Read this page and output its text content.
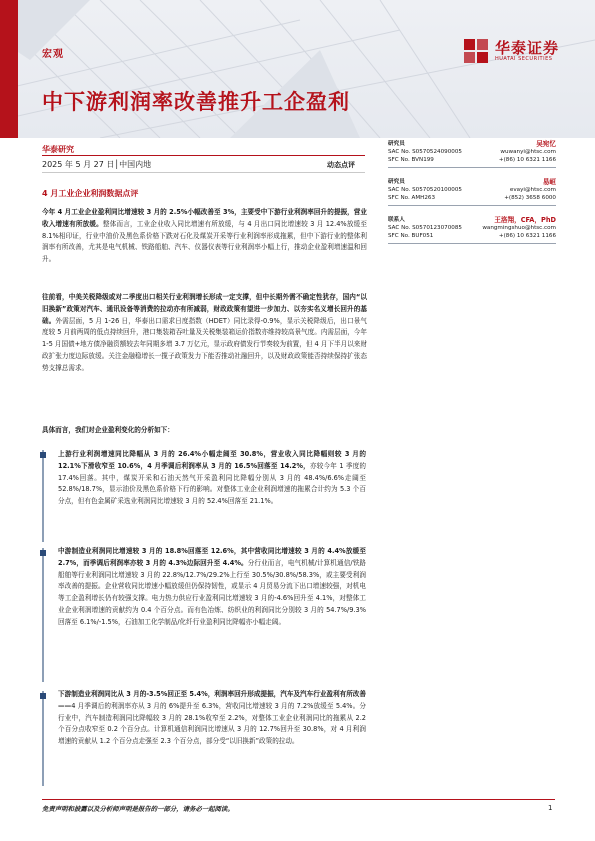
宏观	华泰证券
HUATAI SECURITIES
中下游利润率改善推升工企盈利
华泰研究
2025 年 5 月 27 日│中国内地	动态点评
4 月工业企业利润数据点评
今年 4 月工业企业盈利同比增速较 3 月的 2.5%小幅改善至 3%，主要受中下游行业利润率回升的提振，营业收入增速有所放缓。整体而言，工业企业收入同比增速有所放缓，与 4 月出口同比增速较 3 月 12.4%放缓至 8.1%相印证，行业中油价及黑色系价格下跌对石化及煤炭开采等行业利润率形成拖累，但中下游行业的整体利润率有所改善，尤其是电气机械、铁路船舶、汽车、仪器仪表等行业利润率小幅上行，推动企业盈利增速温和回升。
往前看，中美关税降级或对二季度出口相关行业利润增长形成一定支撑，但中长期外需不确定性犹存，国内“以旧换新”政策对汽车、通讯设备等消费的拉动亦有所减弱，财政政策有望进一步加力、以夯实名义增长回升的基础。外需层面，5 月 1-26 日，华泰出口需求日度指数（HDET）同比录得-0.9%，显示关税降级后，出口景气度较 5 月前两周的低点持续回升，港口集装箱吞吐量及关税集装箱运价指数亦维持较高景气度。内需层面，今年 1-5 月国债+地方债净融资额较去年同期多增 3.7 万亿元，显示政府债发行节奏较为前置，但 4 月下半月以来财政扩张力度边际放缓。关注金融稳增长一揽子政策发力下能否推动社融回升，以及财政政策能否持续保持扩张态势支撑总需求。
具体而言，我们对企业盈利变化的分析如下：
上游行业利润增速同比降幅从 3 月的 26.4%小幅走阔至 30.8%，营业收入同比降幅则较 3 月的 12.1%下滑收窄至 10.6%，4 月季调后利润率从 3 月的 16.5%回落至 14.2%，亦较今年 1 季度的 17.4%回落。其中，煤炭开采和石油天然气开采盈利同比降幅分别从 3 月的 48.4%/6.6%走阔至 52.8%/18.7%，显示油价及黑色系价格下行的影响。对整体工业企业利润增速的拖累合计约为 5.3 个百分点，但有色金属矿采选业利润同比增速较 3 月的 52.4%回落至 21.1%。
中游制造业利润同比增速较 3 月的 18.8%回落至 12.6%，其中营收同比增速较 3 月的 4.4%放缓至 2.7%，而季调后利润率亦较 3 月的 4.3%边际回升至 4.4%。分行业而言，电气机械/计算机通信/铁路船舶等行业利润同比增速较 3 月的 22.8%/12.7%/29.2%上行至 30.5%/30.8%/58.3%，或主要受利润率改善的提振。企业营收同比增速小幅放缓但仍保持韧性，或显示 4 月贸易分流下出口增速较强，对机电等工企盈利增长仍有较强支撑。电力热力供应行业盈利同比增速较 3 月的-4.6%回升至 4.1%，对整体工业企业利润增速的贡献约为 0.4 个百分点。而有色冶炼、纺织业的利润同比分别较 3 月的 54.7%/9.3%回落至 6.1%/-1.5%，石油加工化学制品/化纤行业盈利同比降幅亦小幅走阔。
下游制造业利润同比从 3 月的-3.5%回正至 5.4%，利润率回升形成提振，汽车及汽车行业盈利有所改善——4 月季调后的利润率亦从 3 月的 6%提升至 6.3%，营收同比增速较 3 月的 7.2%放缓至 5.4%。分行业中，汽车制造利润同比降幅较 3 月的 28.1%收窄至 2.2%，对整体工业企业利润同比的拖累从 2.2 个百分点收窄至 0.2 个百分点。计算机通信利润同比增速从 3 月的 12.7%回升至 30.8%，对 4 月利润增速的贡献从 1.2 个百分点走强至 2.3 个百分点，部分受“以旧换新”政策的拉动。
研究员	吴宛忆
SAC No. S0570524090005	wuwanyi@htsc.com
SFC No. BVN199	+(86) 10 6321 1166
研究员	易峘
SAC No. S0570520100005	evayi@htsc.com
SFC No. AMH263	+(852) 3658 6000
联系人	王洛翔，CFA，PhD
SAC No. S0570123070085	wangmingshuo@htsc.com
SFC No. BUF051	+(86) 10 6321 1166
免责声明和披露以及分析师声明是报告的一部分，请务必一起阅读。	1
